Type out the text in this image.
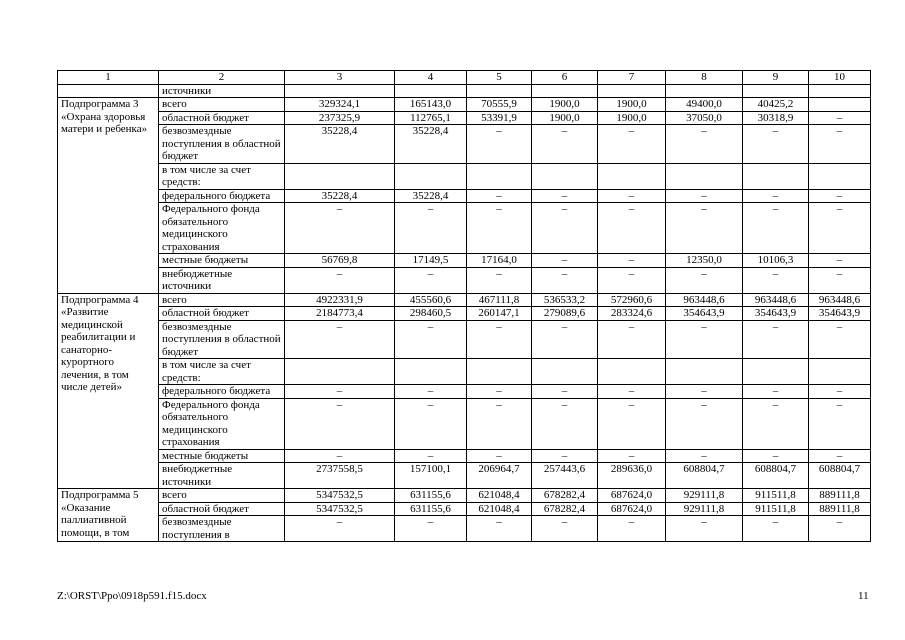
1	2	3	4	5	6	7	8	9	10
	источники								
Подпрограмма 3 «Охрана здоровья матери и ребенка»	всего	329324,1	165143,0	70555,9	1900,0	1900,0	49400,0	40425,2	
	областной бюджет	237325,9	112765,1	53391,9	1900,0	1900,0	37050,0	30318,9	–
	безвозмездные поступления в областной бюджет	35228,4	35228,4	–	–	–	–	–	–
	в том числе за счет средств:								
	федерального бюджета	35228,4	35228,4	–	–	–	–	–	–
	Федерального фонда обязательного медицинского страхования	–	–	–	–	–	–	–	–
	местные бюджеты	56769,8	17149,5	17164,0	–	–	12350,0	10106,3	–
	внебюджетные источники	–	–	–	–	–	–	–	–
Подпрограмма 4 «Развитие медицинской реабилитации и санаторно-курортного лечения, в том числе детей»	всего	4922331,9	455560,6	467111,8	536533,2	572960,6	963448,6	963448,6	963448,6
	областной бюджет	2184773,4	298460,5	260147,1	279089,6	283324,6	354643,9	354643,9	354643,9
	безвозмездные поступления в областной бюджет	–	–	–	–	–	–	–	–
	в том числе за счет средств:								
	федерального бюджета	–	–	–	–	–	–	–	–
	Федерального фонда обязательного медицинского страхования	–	–	–	–	–	–	–	–
	местные бюджеты	–	–	–	–	–	–	–	–
	внебюджетные источники	2737558,5	157100,1	206964,7	257443,6	289636,0	608804,7	608804,7	608804,7
Подпрограмма 5 «Оказание паллиативной помощи, в том	всего	5347532,5	631155,6	621048,4	678282,4	687624,0	929111,8	911511,8	889111,8
	областной бюджет	5347532,5	631155,6	621048,4	678282,4	687624,0	929111,8	911511,8	889111,8
	безвозмездные поступления в	–	–	–	–	–	–	–	–
Z:\ORST\Ppo\0918p591.f15.docx	11
